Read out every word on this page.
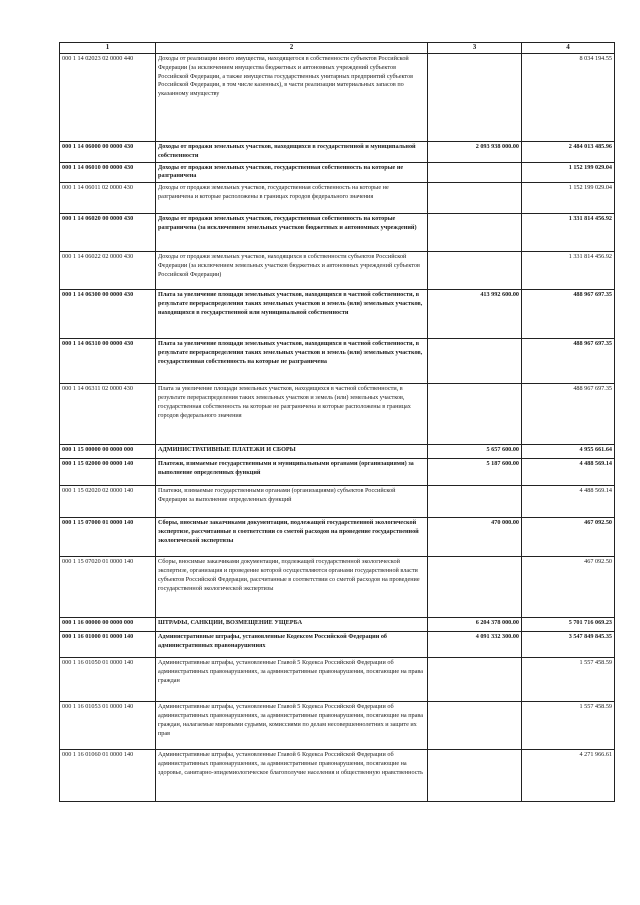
1	2	3	4
000 1 14 02023 02 0000 440	Доходы от реализации иного имущества, находящегося в собственности субъектов Российской Федерации (за исключением имущества бюджетных и автономных учреждений субъектов Российской Федерации, а также имущества государственных унитарных предприятий субъектов Российской Федерации, в том числе казенных), в части реализации материальных запасов по указанному имуществу		8 034 194.55
000 1 14 06000 00 0000 430	Доходы от продажи земельных участков, находящихся в государственной и муниципальной собственности	2 093 938 000.00	2 484 013 485.96
000 1 14 06010 00 0000 430	Доходы от продажи земельных участков, государственная собственность на которые не разграничена		1 152 199 029.04
000 1 14 06011 02 0000 430	Доходы от продажи земельных участков, государственная собственность на которые не разграничена и которые расположены в границах городов федерального значения		1 152 199 029.04
000 1 14 06020 00 0000 430	Доходы от продажи земельных участков, государственная собственность на которые разграничена (за исключением земельных участков бюджетных и автономных учреждений)		1 331 814 456.92
000 1 14 06022 02 0000 430	Доходы от продажи земельных участков, находящихся в собственности субъектов Российской Федерации (за исключением земельных участков бюджетных и автономных учреждений субъектов Российской Федерации)		1 331 814 456.92
000 1 14 06300 00 0000 430	Плата за увеличение площади земельных участков, находящихся в частной собственности, в результате перераспределения таких земельных участков и земель (или) земельных участков, находящихся в государственной или муниципальной собственности	413 992 600.00	488 967 697.35
000 1 14 06310 00 0000 430	Плата за увеличение площади земельных участков, находящихся в частной собственности, в результате перераспределения таких земельных участков и земель (или) земельных участков, государственная собственность на которые не разграничена		488 967 697.35
000 1 14 06311 02 0000 430	Плата за увеличение площади земельных участков, находящихся в частной собственности, в результате перераспределения таких земельных участков и земель (или) земельных участков, государственная собственность на которые не разграничена и которые расположены в границах городов федерального значения		488 967 697.35
000 1 15 00000 00 0000 000	АДМИНИСТРАТИВНЫЕ ПЛАТЕЖИ И СБОРЫ	5 657 600.00	4 955 661.64
000 1 15 02000 00 0000 140	Платежи, взимаемые государственными и муниципальными органами (организациями) за выполнение определенных функций	5 187 600.00	4 488 569.14
000 1 15 02020 02 0000 140	Платежи, взимаемые государственными органами (организациями) субъектов Российской Федерации за выполнение определенных функций		4 488 569.14
000 1 15 07000 01 0000 140	Сборы, вносимые заказчиками документации, подлежащей государственной экологической экспертизе, рассчитанные в соответствии со сметой расходов на проведение государственной экологической экспертизы	470 000.00	467 092.50
000 1 15 07020 01 0000 140	Сборы, вносимые заказчиками документации, подлежащей государственной экологической экспертизе, организация и проведение которой осуществляются органами государственной власти субъектов Российской Федерации, рассчитанные в соответствии со сметой расходов на проведение государственной экологической экспертизы		467 092.50
000 1 16 00000 00 0000 000	ШТРАФЫ, САНКЦИИ, ВОЗМЕЩЕНИЕ УЩЕРБА	6 204 378 000.00	5 701 716 069.23
000 1 16 01000 01 0000 140	Административные штрафы, установленные Кодексом Российской Федерации об административных правонарушениях	4 091 332 300.00	3 547 849 845.35
000 1 16 01050 01 0000 140	Административные штрафы, установленные Главой 5 Кодекса Российской Федерации об административных правонарушениях, за административные правонарушения, посягающие на права граждан		1 557 458.59
000 1 16 01053 01 0000 140	Административные штрафы, установленные Главой 5 Кодекса Российской Федерации об административных правонарушениях, за административные правонарушения, посягающие на права граждан, налагаемые мировыми судьями, комиссиями по делам несовершеннолетних и защите их прав		1 557 458.59
000 1 16 01060 01 0000 140	Административные штрафы, установленные Главой 6 Кодекса Российской Федерации об административных правонарушениях, за административные правонарушения, посягающие на здоровье, санитарно-эпидемиологическое благополучие населения и общественную нравственность		4 271 966.61
